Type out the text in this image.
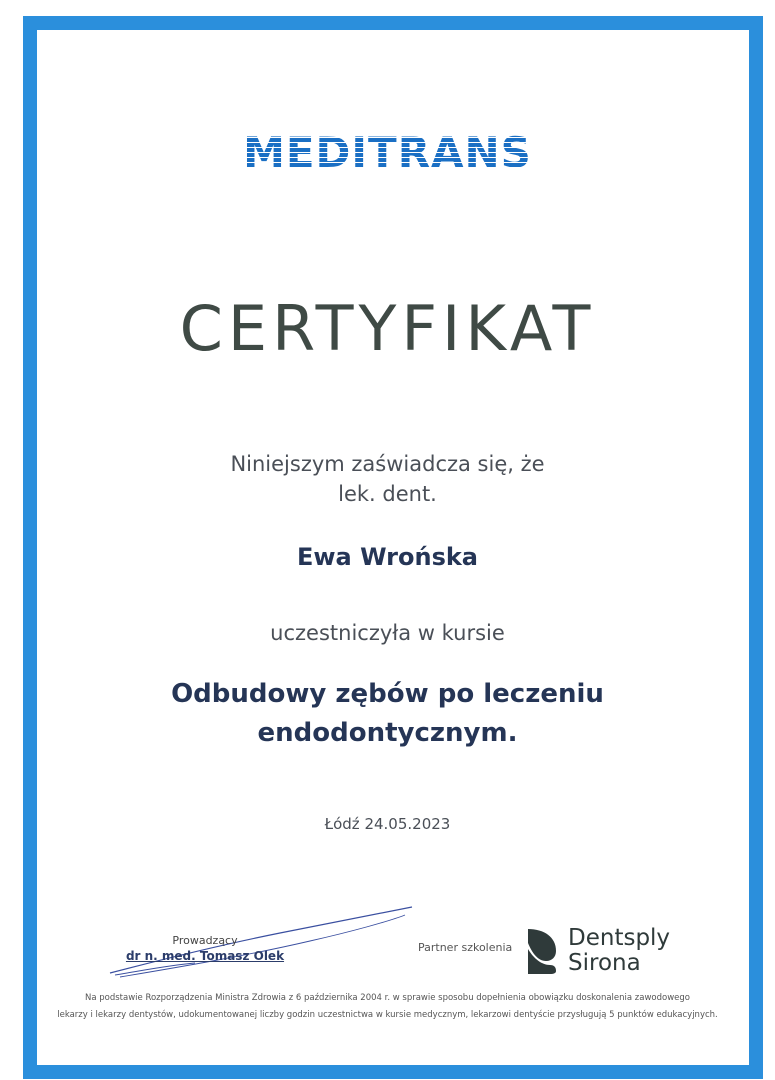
MEDITRANS
CERTYFIKAT
Niniejszym zaświadcza się, że
lek. dent.
Ewa Wrońska
uczestniczyła w kursie
Odbudowy zębów po leczeniu
endodontycznym.
Łódź 24.05.2023
Prowadzący
dr n. med. Tomasz Olek
Partner szkolenia Dentsply
Sirona
Na podstawie Rozporządzenia Ministra Zdrowia z 6 października 2004 r. w sprawie sposobu dopełnienia obowiązku doskonalenia zawodowego
lekarzy i lekarzy dentystów, udokumentowanej liczby godzin uczestnictwa w kursie medycznym, lekarzowi dentyście przysługują 5 punktów edukacyjnych.
